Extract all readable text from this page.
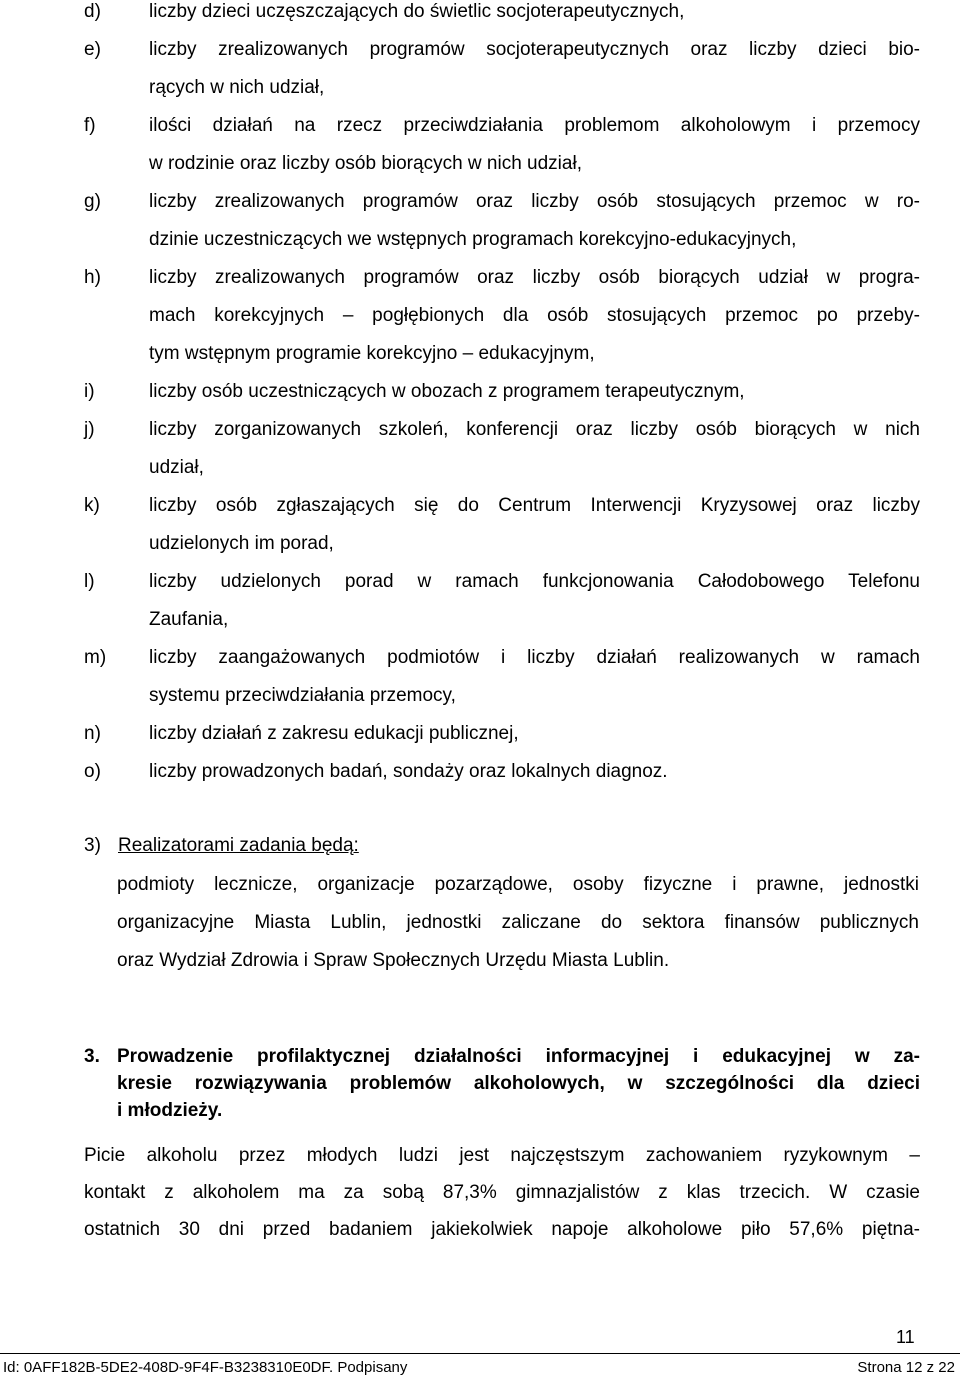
d)	liczby dzieci uczęszczających do świetlic socjoterapeutycznych,
e)	liczby zrealizowanych programów socjoterapeutycznych oraz liczby dzieci bio-
rących w nich udział,
f)	ilości działań na rzecz przeciwdziałania problemom alkoholowym i przemocy
w rodzinie oraz liczby osób biorących w nich udział,
g)	liczby zrealizowanych programów oraz liczby osób stosujących przemoc w ro-
dzinie uczestniczących we wstępnych programach korekcyjno-edukacyjnych,
h)	liczby zrealizowanych programów oraz liczby osób biorących udział w progra-
mach korekcyjnych – pogłębionych dla osób stosujących przemoc po przeby-
tym wstępnym programie korekcyjno – edukacyjnym,
i)	liczby osób uczestniczących w obozach z programem terapeutycznym,
j)	liczby zorganizowanych szkoleń, konferencji oraz liczby osób biorących w nich
udział,
k)	liczby osób zgłaszających się do Centrum Interwencji Kryzysowej oraz liczby
udzielonych im porad,
l)	liczby udzielonych porad w ramach funkcjonowania Całodobowego Telefonu
Zaufania,
m) liczby zaangażowanych podmiotów i liczby działań realizowanych w ramach
systemu przeciwdziałania przemocy,
n)	liczby działań z zakresu edukacji publicznej,
o)	liczby prowadzonych badań, sondaży oraz lokalnych diagnoz.
3) Realizatorami zadania będą:
podmioty lecznicze, organizacje pozarządowe, osoby fizyczne i prawne, jednostki
organizacyjne Miasta Lublin, jednostki zaliczane do sektora finansów publicznych
oraz Wydział Zdrowia i Spraw Społecznych Urzędu Miasta Lublin.
3. Prowadzenie profilaktycznej działalności informacyjnej i edukacyjnej w za-
kresie rozwiązywania problemów alkoholowych, w szczególności dla dzieci
i młodzieży.
Picie alkoholu przez młodych ludzi jest najczęstszym zachowaniem ryzykownym –
kontakt z alkoholem ma za sobą 87,3% gimnazjalistów z klas trzecich. W czasie
ostatnich 30 dni przed badaniem jakiekolwiek napoje alkoholowe piło 57,6% piętna-
11
Id: 0AFF182B-5DE2-408D-9F4F-B3238310E0DF. Podpisany	Strona 12 z 22
